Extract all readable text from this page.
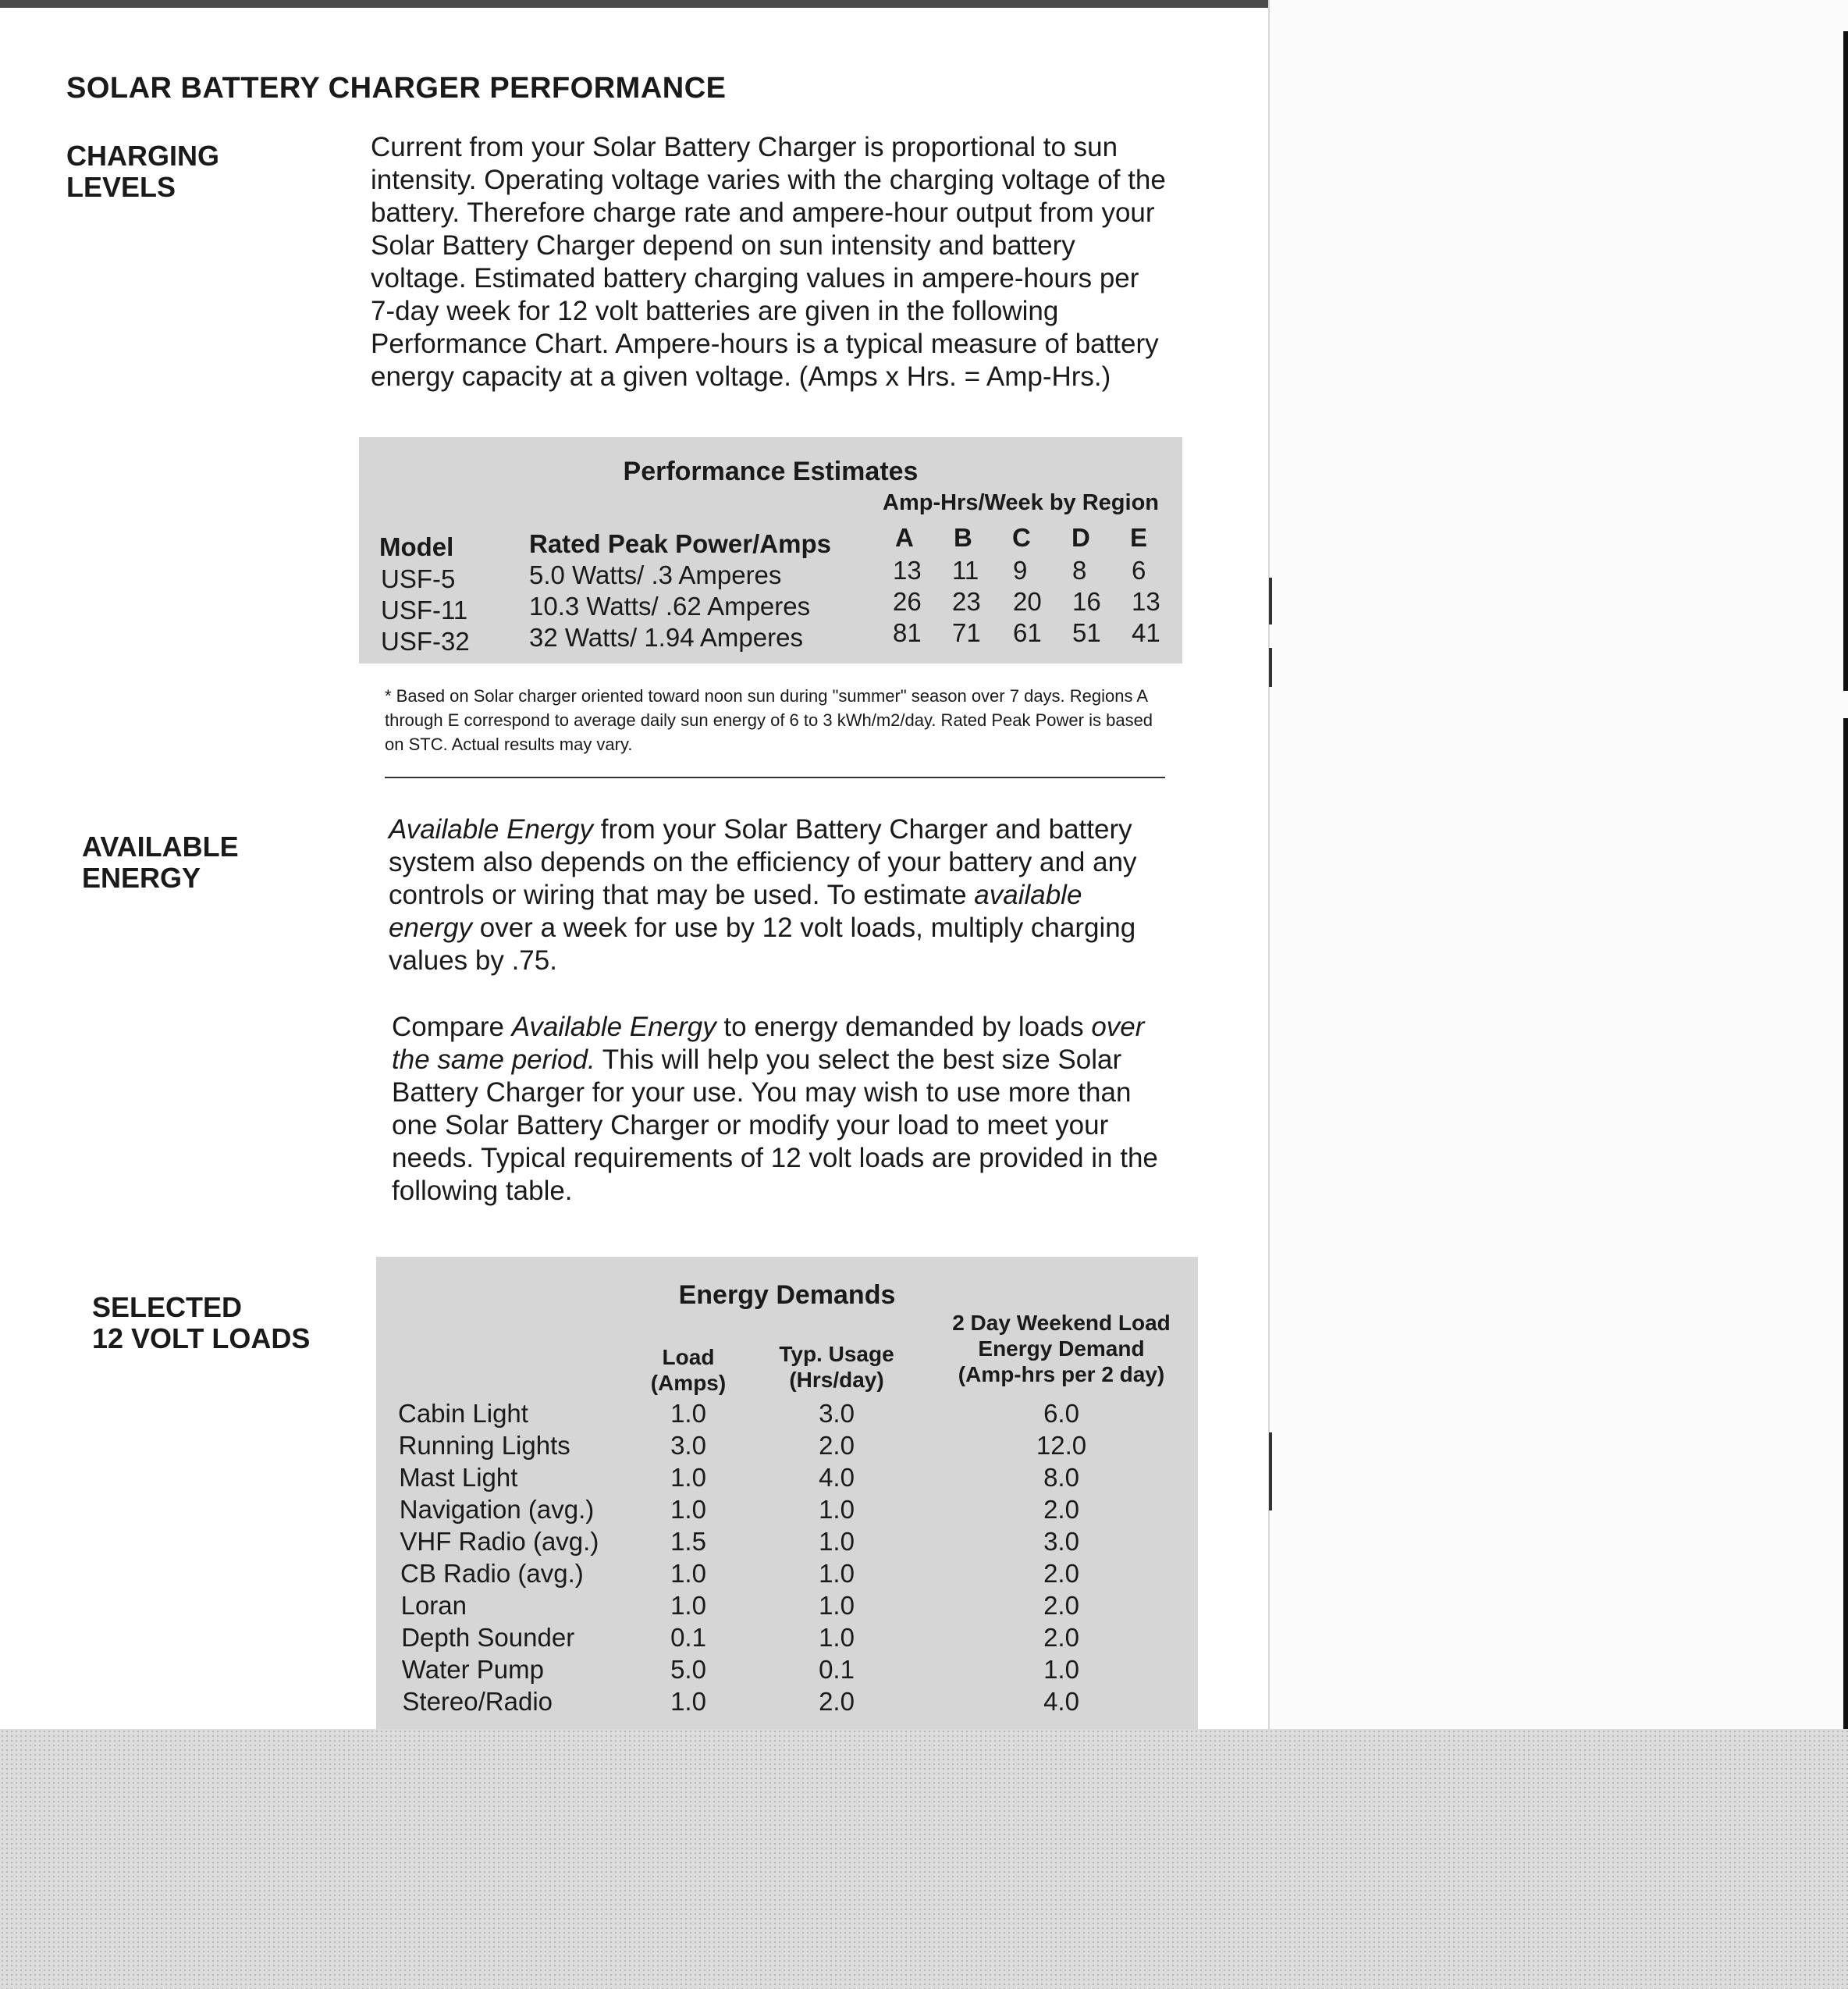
SOLAR BATTERY CHARGER PERFORMANCE
CHARGING
LEVELS

Current from your Solar Battery Charger is proportional to sun intensity. Operating voltage varies with the charging voltage of the battery. Therefore charge rate and ampere-hour output from your Solar Battery Charger depend on sun intensity and battery voltage. Estimated battery charging values in ampere-hours per 7-day week for 12 volt batteries are given in the following Performance Chart. Ampere-hours is a typical measure of battery energy capacity at a given voltage. (Amps x Hrs. = Amp-Hrs.)

Performance Estimates
Amp-Hrs/Week by Region
Model	Rated Peak Power/Amps A B C D E
USF-5	5.0 Watts/ .3 Amperes	13 11 9 8 6
USF-11 10.3 Watts/ .62 Amperes	26 23 20 16 13
USF-32 32 Watts/ 1.94 Amperes	81 71 61 51 41

* Based on Solar charger oriented toward noon sun during "summer" season over 7 days. Regions A through E correspond to average daily sun energy of 6 to 3 kWh/m2/day. Rated Peak Power is based on STC. Actual results may vary.

AVAILABLE
ENERGY

Available Energy from your Solar Battery Charger and battery system also depends on the efficiency of your battery and any controls or wiring that may be used. To estimate available energy over a week for use by 12 volt loads, multiply charging values by .75.

Compare Available Energy to energy demanded by loads over the same period. This will help you select the best size Solar Battery Charger for your use. You may wish to use more than one Solar Battery Charger or modify your load to meet your needs. Typical requirements of 12 volt loads are provided in the following table.

SELECTED
12 VOLT LOADS
Energy Demands
Load
(Amps)
Typ. Usage
(Hrs/day)
2 Day Weekend Load
Energy Demand
(Amp-hrs per 2 day)
Cabin Light	1.0	3.0	6.0
Running Lights	3.0	2.0	12.0
Mast Light	1.0	4.0	8.0
Navigation (avg.)	1.0	1.0	2.0
VHF Radio (avg.)	1.5	1.0	3.0
CB Radio (avg.)	1.0	1.0	2.0
Loran	1.0	1.0	2.0
Depth Sounder	0.1	1.0	2.0
Water Pump	5.0	0.1	1.0
Stereo/Radio	1.0	2.0	4.0
